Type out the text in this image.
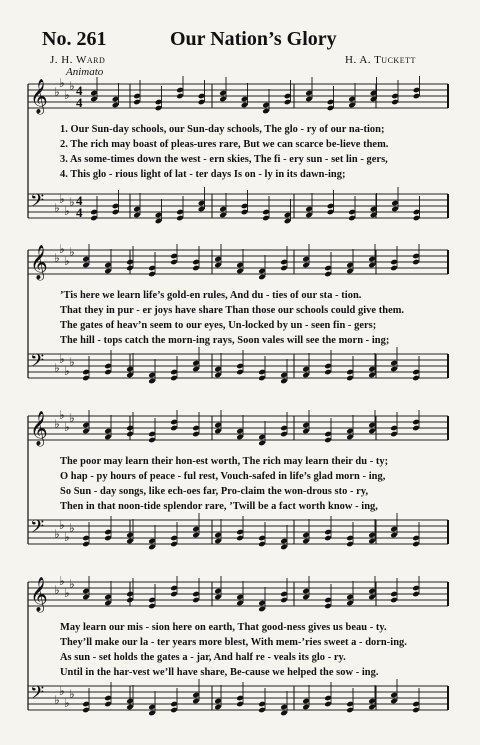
No. 261	Our Nation’s Glory
J. H. Ward	H. A. Tuckett
Animato
𝄞 ♭
♭
♭
♭ 4
4
𝄢 ♭
♭
♭
♭ 4
4
1. Our Sun-day schools, our Sun-day schools, The glo - ry of our na-tion;
2. The rich may boast of pleas-ures rare, But we can scarce be-lieve them.
3. As some-times down the west - ern skies, The fi - ery sun - set lin - gers,
4. This glo - rious light of lat - ter days Is on - ly in its dawn-ing;
𝄞 ♭
♭
♭
♭
𝄢 ♭
♭
♭
♭
’Tis here we learn life’s gold-en rules, And du - ties of our sta - tion.
That they in pur - er joys have share Than those our schools could give them.
The gates of heav’n seem to our eyes, Un-locked by un - seen fin - gers;
The hill - tops catch the morn-ing rays, Soon vales will see the morn - ing;
𝄞 ♭
♭
♭
♭
𝄢 ♭
♭
♭
♭
The poor may learn their hon-est worth, The rich may learn their du - ty;
O hap - py hours of peace - ful rest, Vouch-safed in life’s glad morn - ing,
So Sun - day songs, like ech-oes far, Pro-claim the won-drous sto - ry,
Then in that noon-tide splendor rare, ’Twill be a fact worth know - ing,
𝄞 ♭
♭
♭
♭
𝄢 ♭
♭
♭
♭
May learn our mis - sion here on earth, That good-ness gives us beau - ty.
They’ll make our la - ter years more blest, With mem-’ries sweet a - dorn-ing.
As sun - set holds the gates a - jar, And half re - veals its glo - ry.
Until in the har-vest we’ll have share, Be-cause we helped the sow - ing.
